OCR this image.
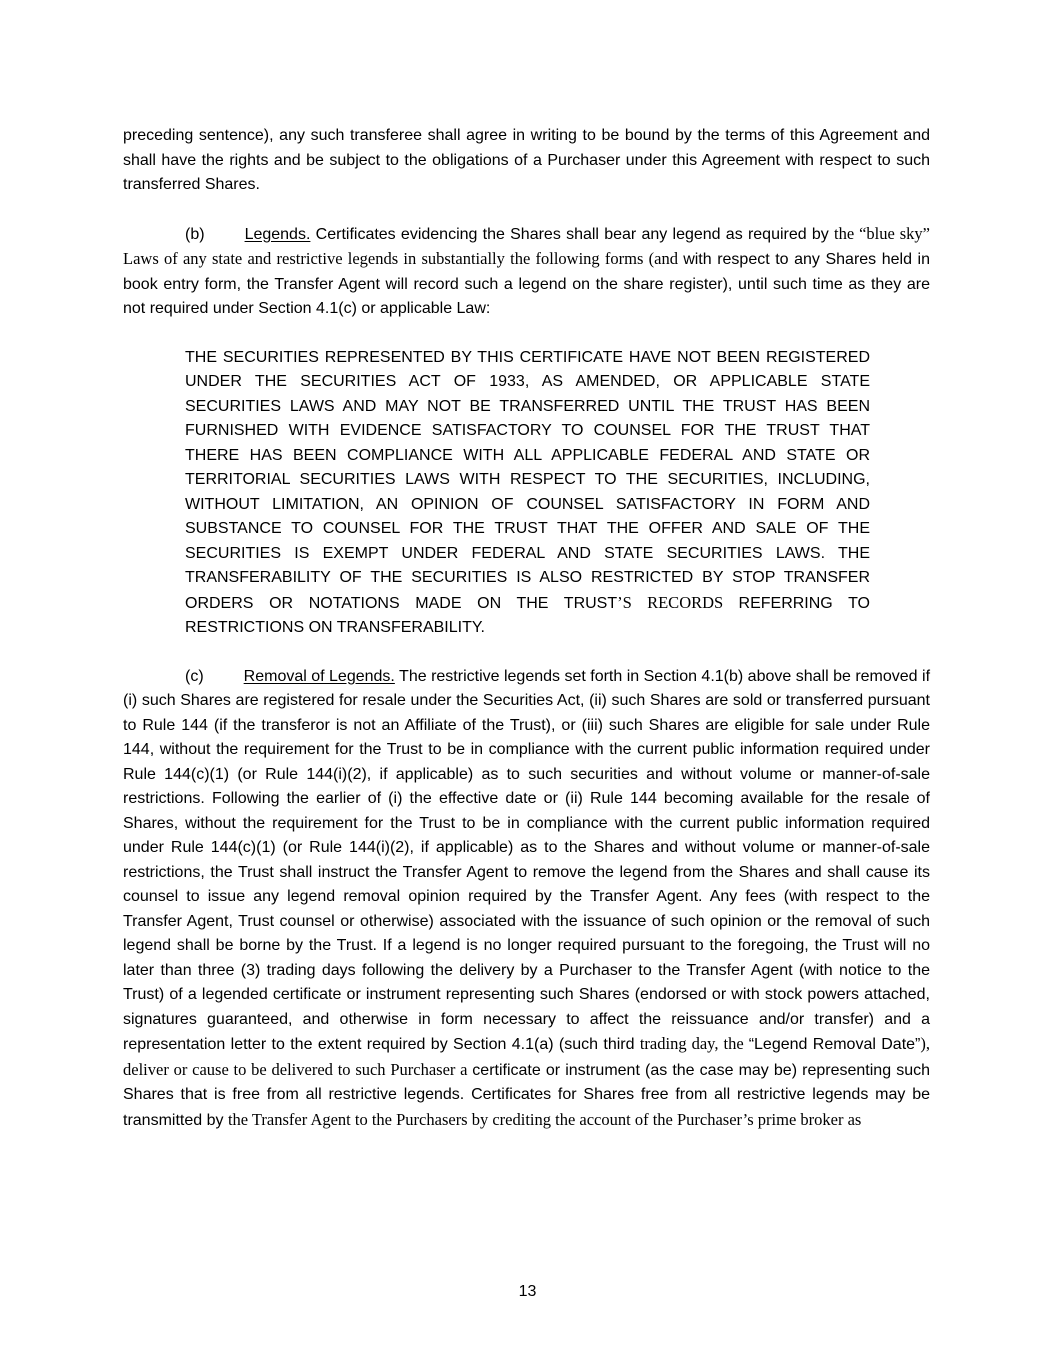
preceding sentence), any such transferee shall agree in writing to be bound by the terms of this Agreement and shall have the rights and be subject to the obligations of a Purchaser under this Agreement with respect to such transferred Shares.

(b)	Legends. Certificates evidencing the Shares shall bear any legend as required by the “blue sky” Laws of any state and restrictive legends in substantially the following forms (and with respect to any Shares held in book entry form, the Transfer Agent will record such a legend on the share register), until such time as they are not required under Section 4.1(c) or applicable Law:

THE SECURITIES REPRESENTED BY THIS CERTIFICATE HAVE NOT BEEN REGISTERED UNDER THE SECURITIES ACT OF 1933, AS AMENDED, OR APPLICABLE STATE SECURITIES LAWS AND MAY NOT BE TRANSFERRED UNTIL THE TRUST HAS BEEN FURNISHED WITH EVIDENCE SATISFACTORY TO COUNSEL FOR THE TRUST THAT THERE HAS BEEN COMPLIANCE WITH ALL APPLICABLE FEDERAL AND STATE OR TERRITORIAL SECURITIES LAWS WITH RESPECT TO THE SECURITIES, INCLUDING, WITHOUT LIMITATION, AN OPINION OF COUNSEL SATISFACTORY IN FORM AND SUBSTANCE TO COUNSEL FOR THE TRUST THAT THE OFFER AND SALE OF THE SECURITIES IS EXEMPT UNDER FEDERAL AND STATE SECURITIES LAWS. THE TRANSFERABILITY OF THE SECURITIES IS ALSO RESTRICTED BY STOP TRANSFER ORDERS OR NOTATIONS MADE ON THE TRUST’S RECORDS REFERRING TO RESTRICTIONS ON TRANSFERABILITY.

(c)	Removal of Legends. The restrictive legends set forth in Section 4.1(b) above shall be removed if (i) such Shares are registered for resale under the Securities Act, (ii) such Shares are sold or transferred pursuant to Rule 144 (if the transferor is not an Affiliate of the Trust), or (iii) such Shares are eligible for sale under Rule 144, without the requirement for the Trust to be in compliance with the current public information required under Rule 144(c)(1) (or Rule 144(i)(2), if applicable) as to such securities and without volume or manner-of-sale restrictions. Following the earlier of (i) the effective date or (ii) Rule 144 becoming available for the resale of Shares, without the requirement for the Trust to be in compliance with the current public information required under Rule 144(c)(1) (or Rule 144(i)(2), if applicable) as to the Shares and without volume or manner-of-sale restrictions, the Trust shall instruct the Transfer Agent to remove the legend from the Shares and shall cause its counsel to issue any legend removal opinion required by the Transfer Agent. Any fees (with respect to the Transfer Agent, Trust counsel or otherwise) associated with the issuance of such opinion or the removal of such legend shall be borne by the Trust. If a legend is no longer required pursuant to the foregoing, the Trust will no later than three (3) trading days following the delivery by a Purchaser to the Transfer Agent (with notice to the Trust) of a legended certificate or instrument representing such Shares (endorsed or with stock powers attached, signatures guaranteed, and otherwise in form necessary to affect the reissuance and/or transfer) and a representation letter to the extent required by Section 4.1(a) (such third trading day, the “Legend Removal Date”), deliver or cause to be delivered to such Purchaser a certificate or instrument (as the case may be) representing such Shares that is free from all restrictive legends. Certificates for Shares free from all restrictive legends may be transmitted by the Transfer Agent to the Purchasers by crediting the account of the Purchaser’s prime broker as

13
